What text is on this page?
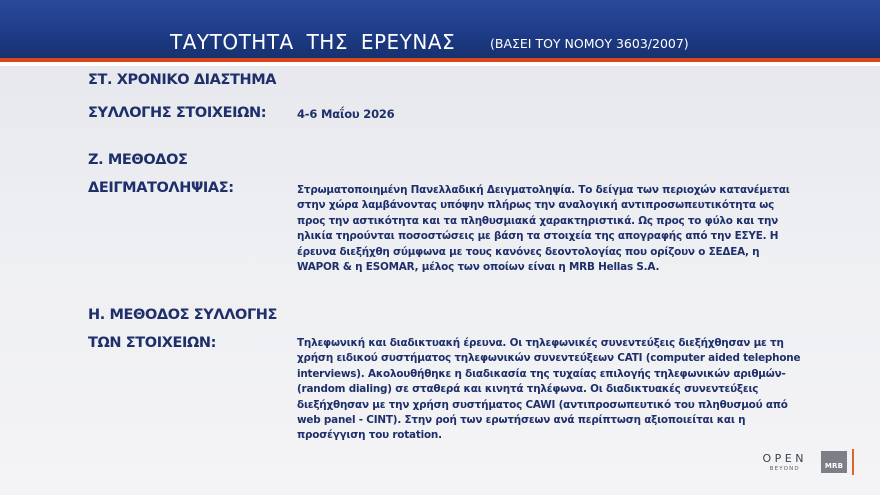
ΤΑΥΤΟΤΗΤΑ ΤΗΣ ΕΡΕΥΝΑΣ	(ΒΑΣΕΙ ΤΟΥ ΝΟΜΟΥ 3603/2007)
ΣΤ. ΧΡΟΝΙΚΟ ΔΙΑΣΤΗΜΑ
ΣΥΛΛΟΓΗΣ ΣΤΟΙΧΕΙΩΝ:	4-6 Μαΐου 2026
Ζ. ΜΕΘΟΔΟΣ
ΔΕΙΓΜΑΤΟΛΗΨΙΑΣ:	Στρωματοποιημένη Πανελλαδική Δειγματοληψία. Το δείγμα των περιοχών κατανέμεται
στην χώρα λαμβάνοντας υπόψην πλήρως την αναλογική αντιπροσωπευτικότητα ως
προς την αστικότητα και τα πληθυσμιακά χαρακτηριστικά. Ως προς το φύλο και την
ηλικία τηρούνται ποσοστώσεις με βάση τα στοιχεία της απογραφής από την ΕΣΥΕ. Η
έρευνα διεξήχθη σύμφωνα με τους κανόνες δεοντολογίας που ορίζουν ο ΣΕΔΕΑ, η
WAPOR & η ESOMAR, μέλος των οποίων είναι η MRB Hellas S.A.
Η. ΜΕΘΟΔΟΣ ΣΥΛΛΟΓΗΣ
ΤΩΝ ΣΤΟΙΧΕΙΩΝ:	Τηλεφωνική και διαδικτυακή έρευνα. Οι τηλεφωνικές συνεντεύξεις διεξήχθησαν με τη
χρήση ειδικού συστήματος τηλεφωνικών συνεντεύξεων CATI (computer aided telephone
interviews). Ακολουθήθηκε η διαδικασία της τυχαίας επιλογής τηλεφωνικών αριθμών-
(random dialing) σε σταθερά και κινητά τηλέφωνα. Οι διαδικτυακές συνεντεύξεις
διεξήχθησαν με την χρήση συστήματος CAWI (αντιπροσωπευτικό του πληθυσμού από
web panel - CINT). Στην ροή των ερωτήσεων ανά περίπτωση αξιοποιείται και η
προσέγγιση του rotation.
OPEN
BEYOND	MRB
